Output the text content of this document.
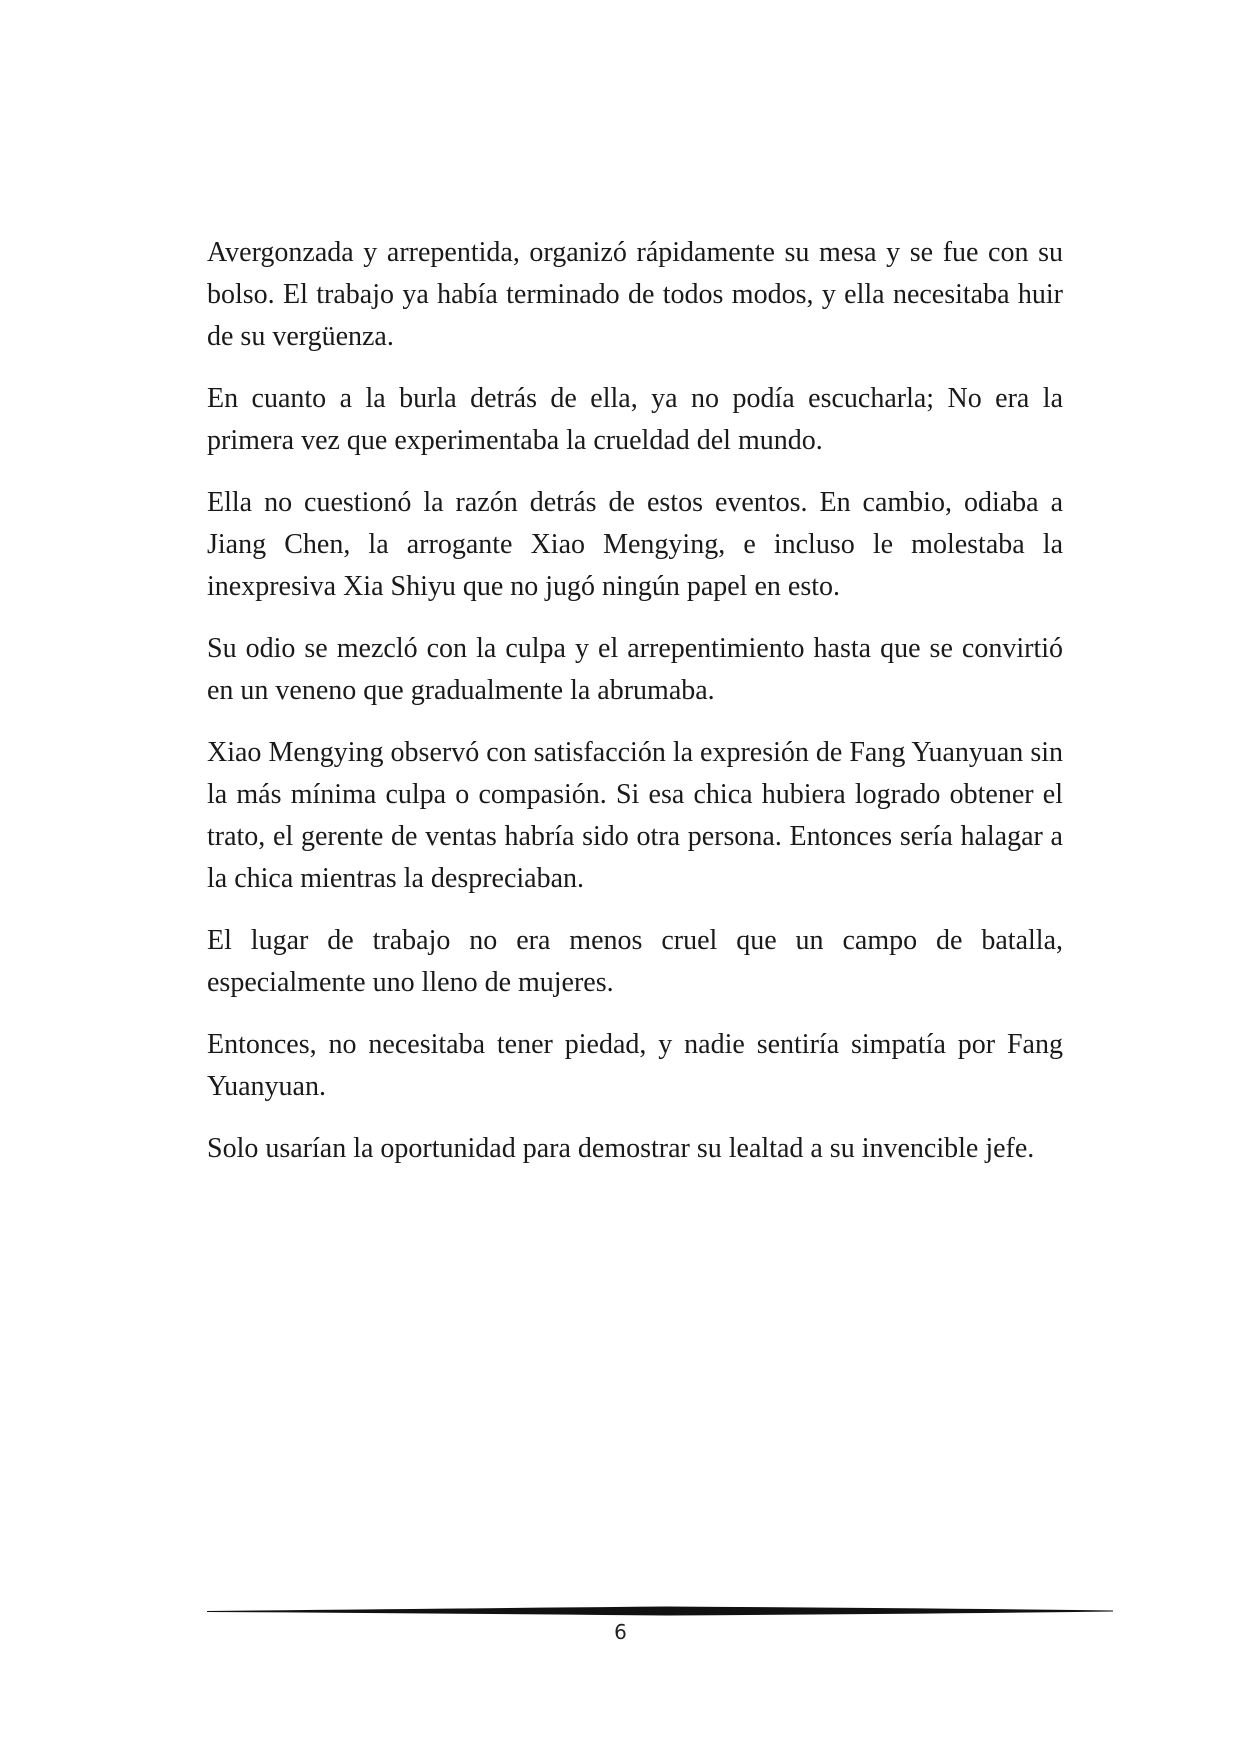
Avergonzada y arrepentida, organizó rápidamente su mesa y se fue con su bolso. El trabajo ya había terminado de todos modos, y ella necesitaba huir de su vergüenza.

En cuanto a la burla detrás de ella, ya no podía escucharla; No era la primera vez que experimentaba la crueldad del mundo.

Ella no cuestionó la razón detrás de estos eventos. En cambio, odiaba a Jiang Chen, la arrogante Xiao Mengying, e incluso le molestaba la inexpresiva Xia Shiyu que no jugó ningún papel en esto.

Su odio se mezcló con la culpa y el arrepentimiento hasta que se convirtió en un veneno que gradualmente la abrumaba.

Xiao Mengying observó con satisfacción la expresión de Fang Yuanyuan sin la más mínima culpa o compasión. Si esa chica hubiera logrado obtener el trato, el gerente de ventas habría sido otra persona. Entonces sería halagar a la chica mientras la despreciaban.

El lugar de trabajo no era menos cruel que un campo de batalla, especialmente uno lleno de mujeres.

Entonces, no necesitaba tener piedad, y nadie sentiría simpatía por Fang Yuanyuan.

Solo usarían la oportunidad para demostrar su lealtad a su invencible jefe.

6
